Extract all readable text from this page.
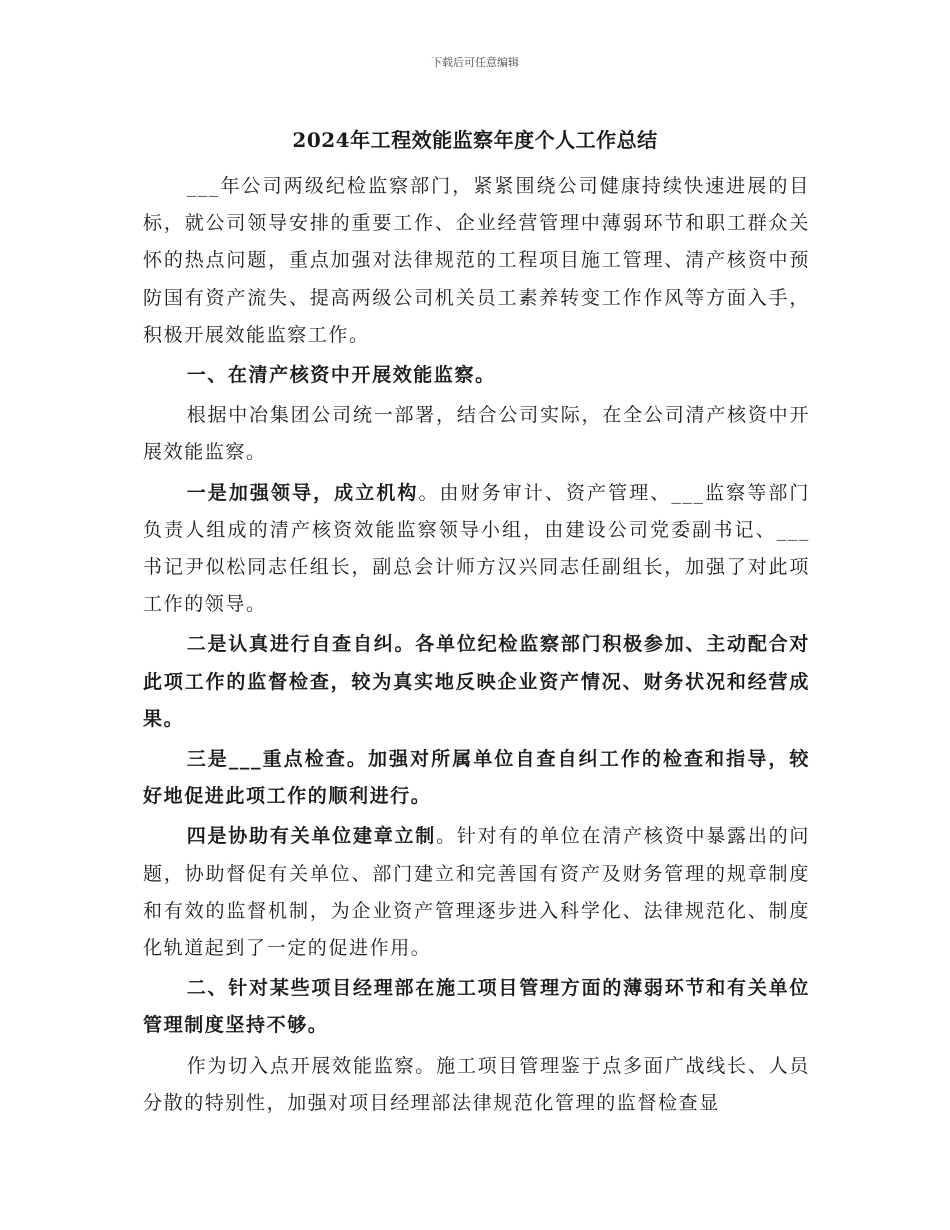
下载后可任意编辑
2024年工程效能监察年度个人工作总结

___年公司两级纪检监察部门，紧紧围绕公司健康持续快速进展的目标，就公司领导安排的重要工作、企业经营管理中薄弱环节和职工群众关怀的热点问题，重点加强对法律规范的工程项目施工管理、清产核资中预防国有资产流失、提高两级公司机关员工素养转变工作作风等方面入手，积极开展效能监察工作。

一、在清产核资中开展效能监察。

根据中冶集团公司统一部署，结合公司实际，在全公司清产核资中开展效能监察。

一是加强领导，成立机构。由财务审计、资产管理、___监察等部门负责人组成的清产核资效能监察领导小组，由建设公司党委副书记、___书记尹似松同志任组长，副总会计师方汉兴同志任副组长，加强了对此项工作的领导。

二是认真进行自查自纠。各单位纪检监察部门积极参加、主动配合对此项工作的监督检查，较为真实地反映企业资产情况、财务状况和经营成果。

三是___重点检查。加强对所属单位自查自纠工作的检查和指导，较好地促进此项工作的顺利进行。

四是协助有关单位建章立制。针对有的单位在清产核资中暴露出的问题，协助督促有关单位、部门建立和完善国有资产及财务管理的规章制度和有效的监督机制，为企业资产管理逐步进入科学化、法律规范化、制度化轨道起到了一定的促进作用。

二、针对某些项目经理部在施工项目管理方面的薄弱环节和有关单位管理制度坚持不够。

作为切入点开展效能监察。施工项目管理鉴于点多面广战线长、人员分散的特别性，加强对项目经理部法律规范化管理的监督检查显
